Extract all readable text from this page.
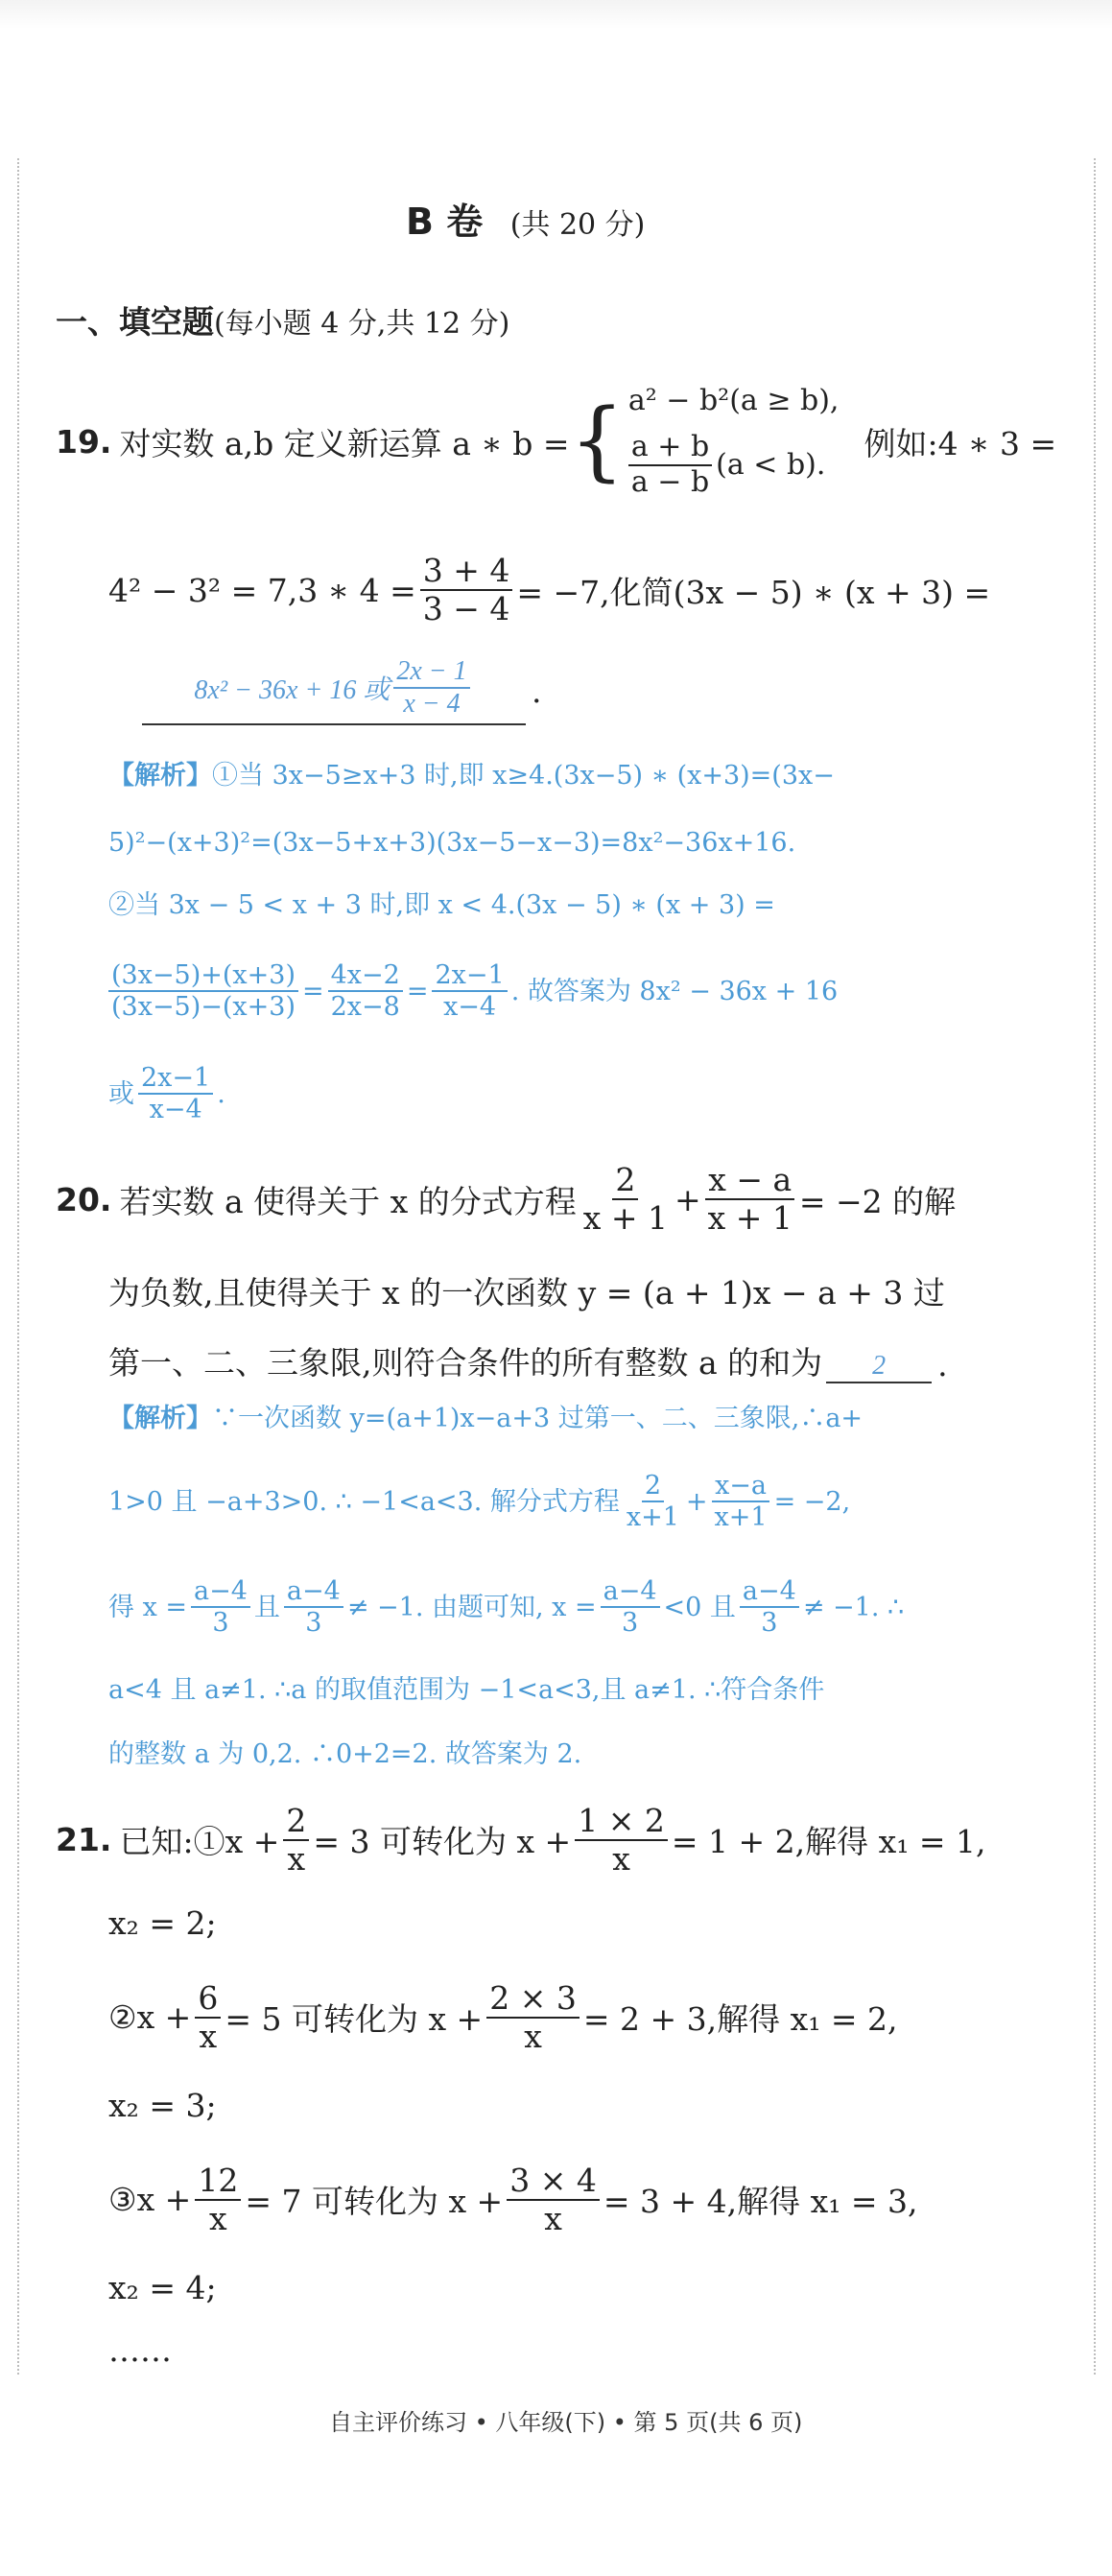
B 卷 (共 20 分)
一、填空题(每小题 4 分,共 12 分)
19. 对实数 a,b 定义新运算 a ∗ b = { a² − b²(a ≥ b),
$\frac{a + b}{a - b} (a < b)$.
例如:4 ∗ 3 =
4² − 3² = 7,3 ∗ $4 = \frac{3 + 4}{3 - 4} = -7$,化简(3x − 5) ∗ (x + 3) =
8x² − 36x + 16 或 $\frac{2x - 1}{x - 4}$ .
【解析】①当 3x−5≥x+3 时,即 x≥4.(3x−5) ∗ (x+3)=(3x−
5)²−(x+3)²=(3x−5+x+3)(3x−5−x−3)=8x²−36x+16.
②当 3x − 5 < x + 3 时,即 x < 4.(3x − 5) ∗ (x + 3) =
$\frac{(3x-5)+(x+3)}{(3x-5)-(x+3)} = \frac{4x-2}{2x-8} = \frac{2x-1}{x-4}$ . 故答案为 8x² − 36x + 16
或 $\frac{2x-1}{x-4}$ .
20. 若实数 a 使得关于 x 的分式方程 $\frac{2}{x + 1} + \frac{x - a}{x + 1} = -2$ 的解
为负数,且使得关于 x 的一次函数 y = (a + 1)x − a + 3 过
第一、二、三象限,则符合条件的所有整数 a 的和为	2	.
【解析】∵一次函数 y=(a+1)x−a+3 过第一、二、三象限,∴a+
1>0 且 −a+3>0. ∴ −1<a<3. 解分式方程 $\frac{2}{x+1} + \frac{x-a}{x+1} = -2$,
得 $x = \frac{a-4}{3}$ 且 $\frac{a-4}{3} \ne -1$. 由题可知, $x = \frac{a-4}{3} <0$ 且 $\frac{a-4}{3} \ne -1$. ∴
a<4 且 a≠1. ∴a 的取值范围为 −1<a<3,且 a≠1. ∴符合条件
的整数 a 为 0,2. ∴0+2=2. 故答案为 2.
21. 已知:①x + $\frac{2}{x} = 3$ 可转化为 $x + \frac{1 \times 2}{x} = 1 + 2$,解得 x₁ = 1,
x₂ = 2;
②x + $\frac{6}{x} = 5$ 可转化为 $x + \frac{2 \times 3}{x} = 2 + 3$,解得 x₁ = 2,
x₂ = 3;
③x + $\frac{12}{x} = 7$ 可转化为 $x + \frac{3 \times 4}{x} = 3 + 4$,解得 x₁ = 3,
x₂ = 4;
……
自主评价练习 • 八年级(下) • 第 5 页(共 6 页)
